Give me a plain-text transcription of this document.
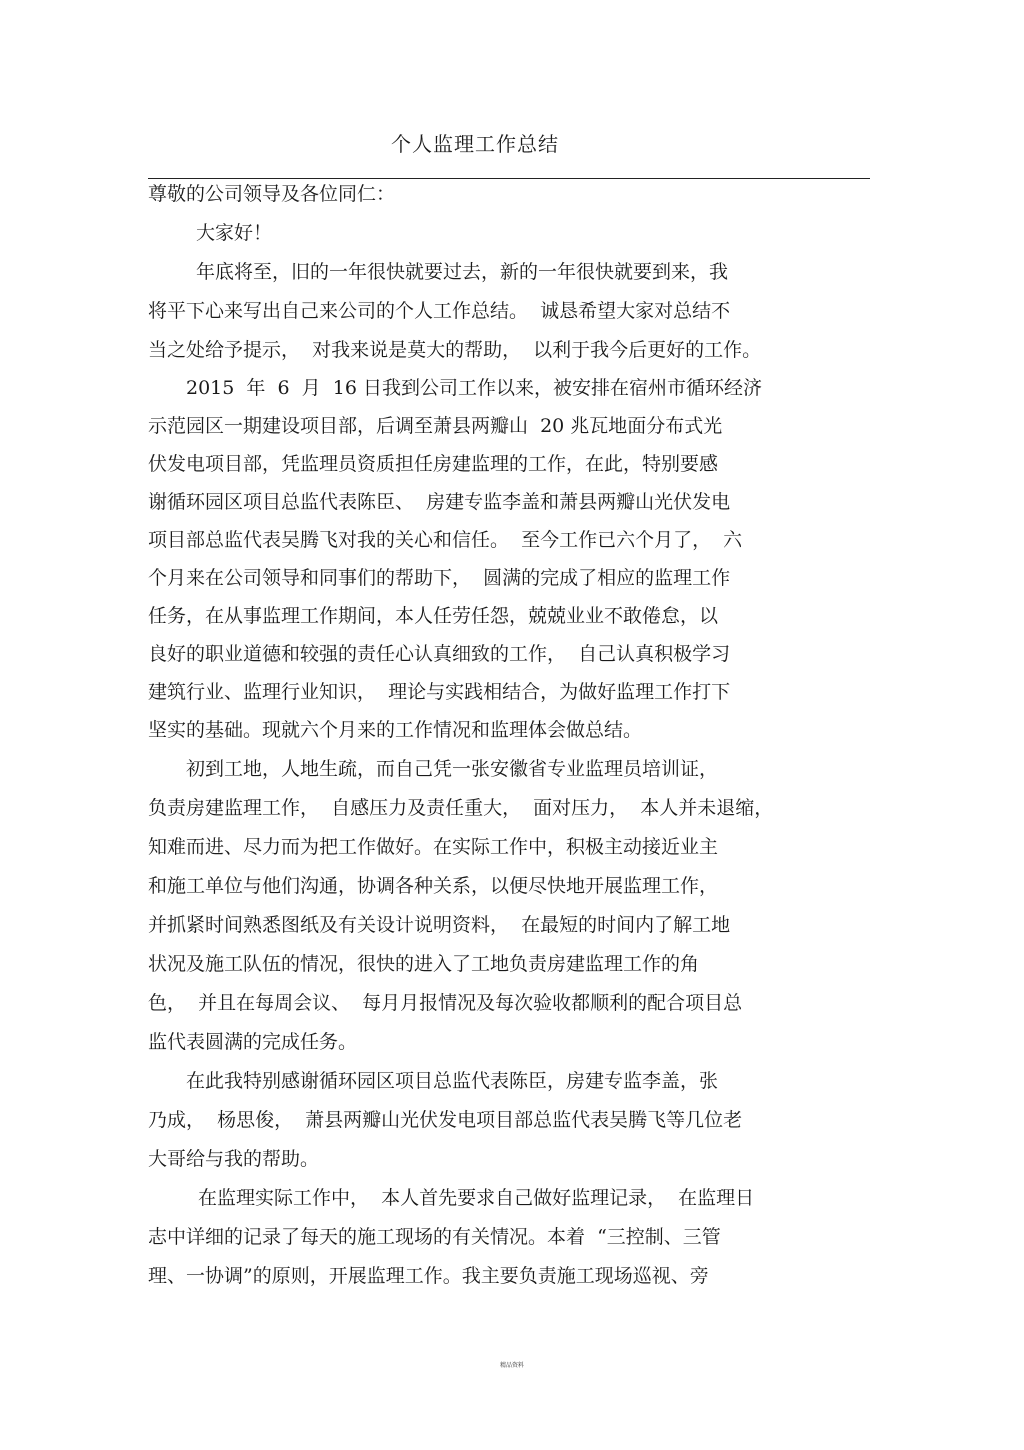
个人监理工作总结
尊敬的公司领导及各位同仁：
大家好！
年底将至，旧的一年很快就要过去，新的一年很快就要到来，我
将平下心来写出自己来公司的个人工作总结。  诚恳希望大家对总结不
当之处给予提示，  对我来说是莫大的帮助，  以利于我今后更好的工作。
2015  年  6  月  16 日我到公司工作以来，被安排在宿州市循环经济
示范园区一期建设项目部，后调至萧县两瓣山  20 兆瓦地面分布式光
伏发电项目部，凭监理员资质担任房建监理的工作，在此，特别要感
谢循环园区项目总监代表陈臣、  房建专监李盖和萧县两瓣山光伏发电
项目部总监代表吴腾飞对我的关心和信任。  至今工作已六个月了，  六
个月来在公司领导和同事们的帮助下，  圆满的完成了相应的监理工作
任务，在从事监理工作期间，本人任劳任怨，兢兢业业不敢倦怠，以
良好的职业道德和较强的责任心认真细致的工作，  自己认真积极学习
建筑行业、监理行业知识，  理论与实践相结合，为做好监理工作打下
坚实的基础。现就六个月来的工作情况和监理体会做总结。
初到工地，人地生疏，而自己凭一张安徽省专业监理员培训证，
负责房建监理工作，  自感压力及责任重大，  面对压力，  本人并未退缩，
知难而进、尽力而为把工作做好。在实际工作中，积极主动接近业主
和施工单位与他们沟通，协调各种关系，以便尽快地开展监理工作，
并抓紧时间熟悉图纸及有关设计说明资料，  在最短的时间内了解工地
状况及施工队伍的情况，很快的进入了工地负责房建监理工作的角
色，  并且在每周会议、  每月月报情况及每次验收都顺利的配合项目总
监代表圆满的完成任务。
在此我特别感谢循环园区项目总监代表陈臣，房建专监李盖，张
乃成，  杨思俊，  萧县两瓣山光伏发电项目部总监代表吴腾飞等几位老
大哥给与我的帮助。
在监理实际工作中，  本人首先要求自己做好监理记录，  在监理日
志中详细的记录了每天的施工现场的有关情况。本着  “三控制、三管
理、一协调”的原则，开展监理工作。我主要负责施工现场巡视、旁
精品资料
